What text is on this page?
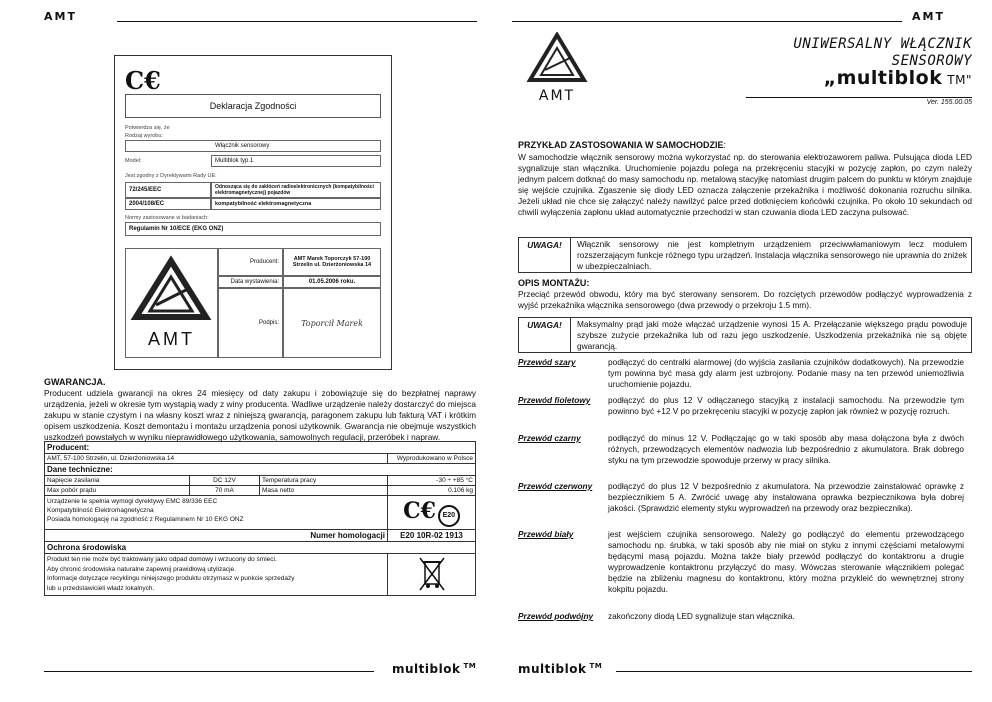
AMT
C€
Deklaracja Zgodności
Potwierdza się, że
Rodzaj wyrobu:
Włącznik sensorowy
Model:	Multiblok typ.1
Jest zgodny z Dyrektywami Rady UE:
72/245/EEC	Odnosząca się do zakłóceń radioelektronicznych (kompatybilności elektromagnetycznej) pojazdów
2004/108/EC	kompatybilność elektromagnetyczna
Normy zastosowane w badaniach:
Regulamin Nr 10/ECE (EKG ONZ)
AMT
Producent:	AMT Marek Toporczyk 57-100 Strzelin ul. Dzierżoniowska 14
Data wystawienia:	01.05.2006 roku.
Podpis:	Toporcił Marek
GWARANCJA.
Producent udziela gwarancji na okres 24 miesięcy od daty zakupu i zobowiązuje się do bezpłatnej naprawy urządzenia, jeżeli w okresie tym wystąpią wady z winy producenta. Wadliwe urządzenie należy dostarczyć do miejsca zakupu w stanie czystym i na własny koszt wraz z niniejszą gwarancją, paragonem zakupu lub fakturą VAT i krótkim opisem uszkodzenia. Koszt demontażu i montażu urządzenia ponosi użytkownik. Gwarancja nie obejmuje wszystkich uszkodzeń powstałych w wyniku nieprawidłowego użytkowania, samowolnych regulacji, przeróbek i napraw.
Producent:			
AMT, 57-100 Strzelin, ul. Dzierżoniowska 14			Wyprodukowano w Polsce
Dane techniczne:			
Napięcie zasilania	DC 12V	Temperatura pracy	-30 ÷ +85 °C
Max pobór prądu	70 mA	Masa netto	0.106 kg

Urządzenie te spełnia wymogi dyrektywy EMC 89/336 EEC
Kompatybilność Elektromagnetyczna
Posiada homologację na zgodność z Regulaminem Nr 10 EKG ONZ			C€ E20
Numer homologacji			E20 10R-02 1913
Ochrona środowiska			

Produkt ten nie może być traktowany jako odpad domowy i wrzucony do śmieci.
Aby chronić środowiska naturalne zapewnij prawidłową utylizacje.
Informacje dotyczące recyklingu niniejszego produktu otrzymasz w punkcie sprzedaży
lub u przedstawicieli władz lokalnych.

multiblok ™
AMT
AMT
UNIWERSALNY WŁĄCZNIK
SENSOROWY
„multiblok TM"
Ver. 155.00.05
PRZYKŁAD ZASTOSOWANIA W SAMOCHODZIE:
W samochodzie włącznik sensorowy można wykorzystać np. do sterowania elektrozaworem paliwa. Pulsująca dioda LED sygnalizuje stan włącznika. Uruchomienie pojazdu polega na przekręceniu stacyjki w pozycję zapłon, po czym należy jednym palcem dotknąć do masy samochodu np. metalową stacyjkę natomiast drugim palcem do punktu w którym znajduje się wejście czujnika. Zgaszenie się diody LED oznacza załączenie przekaźnika i możliwość dokonania rozruchu silnika. Jeżeli układ nie chce się załączyć należy nawilżyć palce przed dotknięciem końcówki czujnika. Po około 10 sekundach od chwili wyłączenia zapłonu układ automatycznie przechodzi w stan czuwania dioda LED zaczyna pulsować.
UWAGA!	Włącznik sensorowy nie jest kompletnym urządzeniem przeciwwłamaniowym lecz modułem rozszerzającym funkcje różnego typu urządzeń. Instalacja włącznika sensorowego nie uprawnia do zniżek w ubezpieczalniach.
OPIS MONTAŻU:
Przeciąć przewód obwodu, który ma być sterowany sensorem. Do rozciętych przewodów podłączyć wyprowadzenia z wyjść przekaźnika włącznika sensorowego (dwa przewody o przekroju 1.5 mm).
UWAGA!	Maksymalny prąd jaki może włączać urządzenie wynosi 15 A. Przełączanie większego prądu powoduje szybsze zużycie przekaźnika lub od razu jego uszkodzenie. Uszkodzenia przekaźnika nie są objęte gwarancją.
Przewód szary	podłączyć do centralki alarmowej (do wyjścia zasilania czujników dodatkowych). Na przewodzie tym powinna być masa gdy alarm jest uzbrojony. Podanie masy na ten przewód uniemożliwia uruchomienie pojazdu.
Przewód fioletowy	podłączyć do plus 12 V odłączanego stacyjką z instalacji samochodu. Na przewodzie tym powinno być +12 V po przekręceniu stacyjki w pozycję zapłon jak również w pozycję rozruch.
Przewód czarny	podłączyć do minus 12 V. Podłączając go w taki sposób aby masa dołączona była z dwóch różnych, przewodzących elementów nadwozia lub bezpośrednio z akumulatora. Brak dobrego styku na tym przewodzie spowoduje przerwy w pracy silnika.
Przewód czerwony	podłączyć do plus 12 V bezpośrednio z akumulatora. Na przewodzie zainstalować oprawkę z bezpiecznikiem 5 A. Zwrócić uwagę aby instalowana oprawka bezpiecznikowa była dobrej jakości. (Sprawdzić elementy styku wyprowadzeń na przewody oraz bezpiecznika).
Przewód biały	jest wejściem czujnika sensorowego. Należy go podłączyć do elementu przewodzącego samochodu np. śrubka, w taki sposób aby nie miał on styku z innymi częściami metalowymi będącymi masą pojazdu. Można także biały przewód podłączyć do kontaktronu a drugie wyprowadzenie kontaktronu przyłączyć do masy. Wówczas sterowanie włącznikiem polegać będzie na zbliżeniu magnesu do kontaktronu, który można przykleić do wewnętrznej strony kokpitu pojazdu.
Przewód podwójny	zakończony diodą LED sygnalizuje stan włącznika.
multiblok ™
